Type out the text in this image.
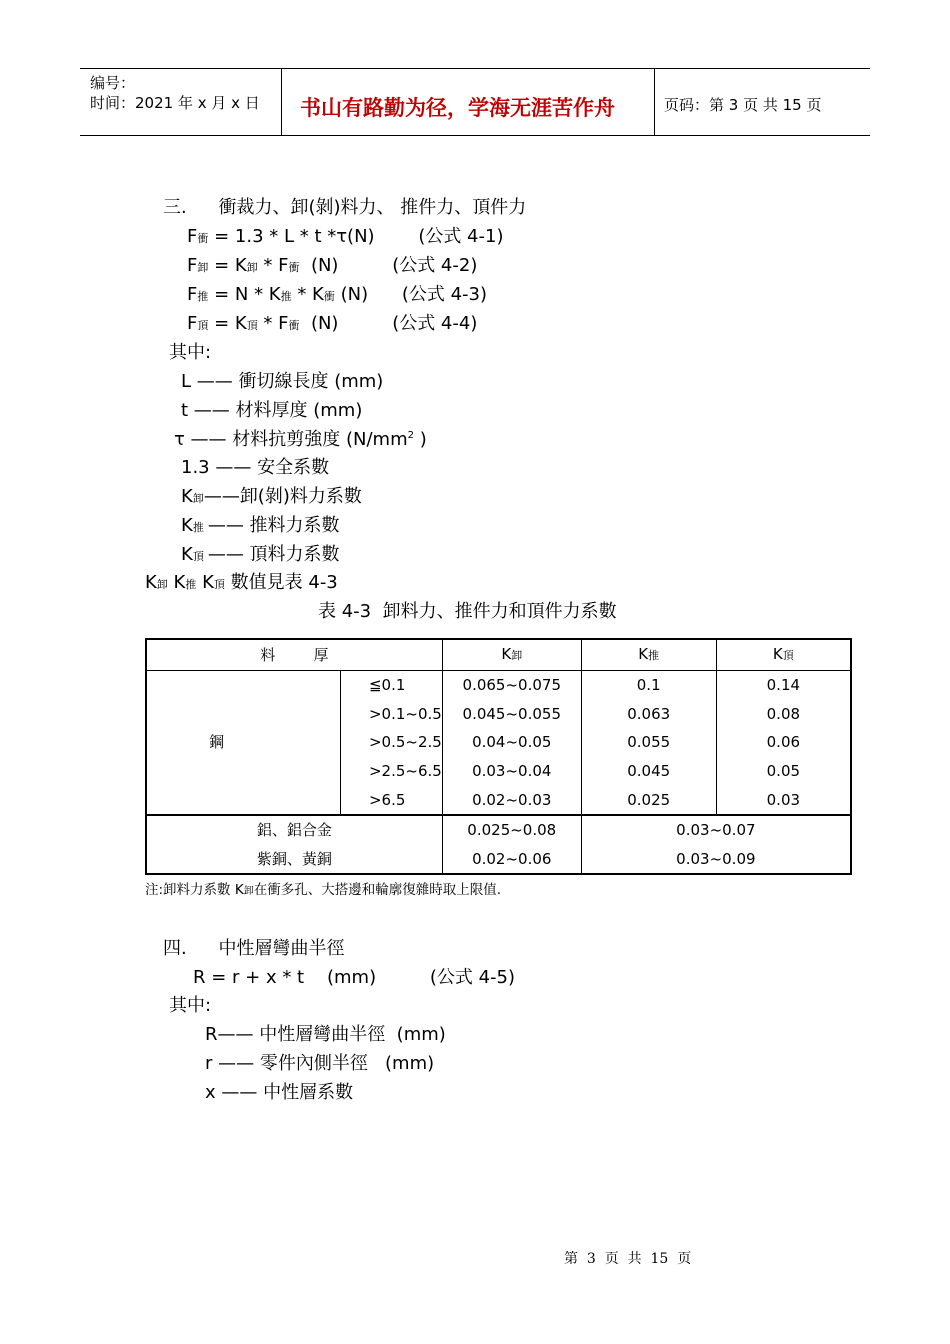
编号：
时间：2021 年 x 月 x 日 书山有路勤为径，学海无涯苦作舟	页码：第 3 页 共 15 页
三. 衝裁力、卸(剝)料力、 推件力、頂件力
F衝 = 1.3 * L * t *τ(N) (公式 4-1)
F卸 = K卸 * F衝  (N)	(公式 4-2)
F推 = N * K推 * K衝 (N) (公式 4-3)
F頂 = K頂 * F衝  (N)	(公式 4-4)
其中:
L —— 衝切線長度 (mm)
t —— 材料厚度 (mm)
τ —— 材料抗剪強度 ($N/mm^2$ )
1.3 —— 安全系數
K卸——卸(剝)料力系數
K推 —— 推料力系數
K頂 —— 頂料力系數
K卸 K推 K頂 數值見表 4-3
表 4-3  卸料力、推件力和頂件力系數
料        厚		K卸	K推	K頂
鋼	≦0.1	0.065~0.075	0.1	0.14
	>0.1~0.5	0.045~0.055	0.063	0.08
	>0.5~2.5	0.04~0.05	0.055	0.06
	>2.5~6.5	0.03~0.04	0.045	0.05
	>6.5	0.02~0.03	0.025	0.03
鋁、鋁合金		0.025~0.08	0.03~0.07	
紫銅、黃銅		0.02~0.06	0.03~0.09	
注:卸料力系數 K卸在衝多孔、大搭邊和輪廓復雜時取上限值.
四. 中性層彎曲半徑
R = r + x * t    (mm)	(公式 4-5)
其中:
R—— 中性層彎曲半徑  (mm)
r —— 零件內側半徑   (mm)
x —— 中性層系數
第  3  页  共  15  页
